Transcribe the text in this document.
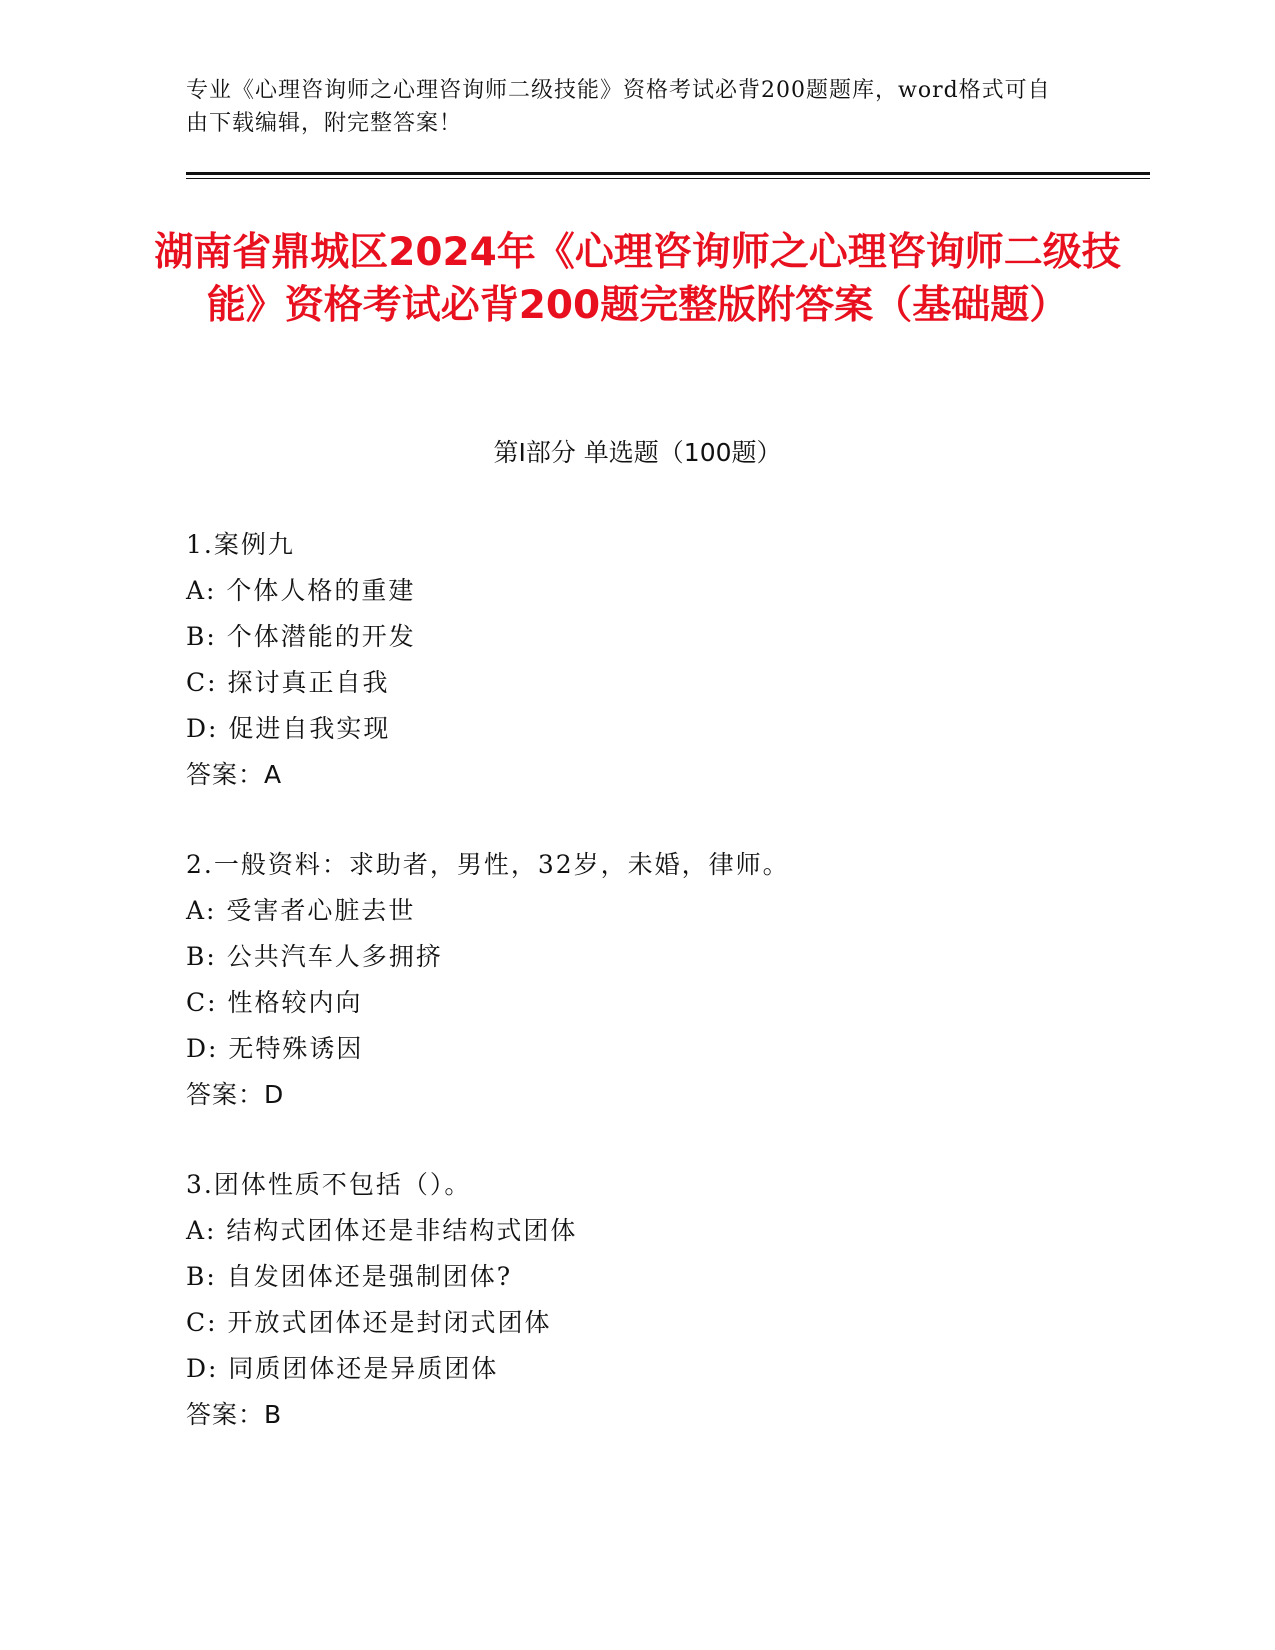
专业《心理咨询师之心理咨询师二级技能》资格考试必背200题题库，word格式可自由下载编辑，附完整答案！
湖南省鼎城区2024年《心理咨询师之心理咨询师二级技能》资格考试必背200题完整版附答案（基础题）
第I部分 单选题（100题）
1.案例九
A: 个体人格的重建
B: 个体潜能的开发
C: 探讨真正自我
D: 促进自我实现
答案：A
2.一般资料：求助者，男性，32岁，未婚，律师。
A: 受害者心脏去世
B: 公共汽车人多拥挤
C: 性格较内向
D: 无特殊诱因
答案：D
3.团体性质不包括（）。
A: 结构式团体还是非结构式团体
B: 自发团体还是强制团体?
C: 开放式团体还是封闭式团体
D: 同质团体还是异质团体
答案：B
